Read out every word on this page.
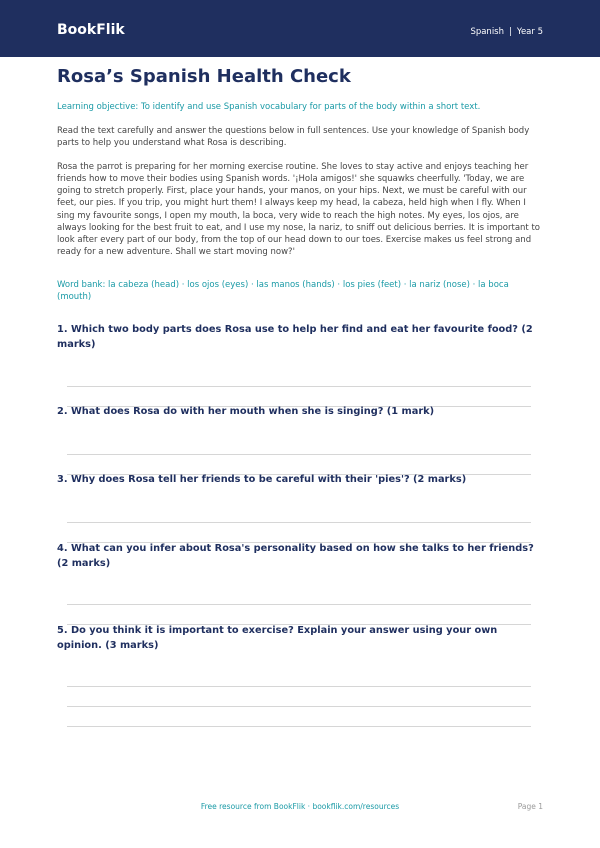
BookFlik	Spanish | Year 5
Rosa’s Spanish Health Check

Learning objective: To identify and use Spanish vocabulary for parts of the body within a short text.

Read the text carefully and answer the questions below in full sentences. Use your knowledge of Spanish body parts to help you understand what Rosa is describing.

Rosa the parrot is preparing for her morning exercise routine. She loves to stay active and enjoys teaching her friends how to move their bodies using Spanish words. '¡Hola amigos!' she squawks cheerfully. 'Today, we are going to stretch properly. First, place your hands, your manos, on your hips. Next, we must be careful with our feet, our pies. If you trip, you might hurt them! I always keep my head, la cabeza, held high when I fly. When I sing my favourite songs, I open my mouth, la boca, very wide to reach the high notes. My eyes, los ojos, are always looking for the best fruit to eat, and I use my nose, la nariz, to sniff out delicious berries. It is important to look after every part of our body, from the top of our head down to our toes. Exercise makes us feel strong and ready for a new adventure. Shall we start moving now?'

Word bank: la cabeza (head) · los ojos (eyes) · las manos (hands) · los pies (feet) · la nariz (nose) · la boca (mouth)

1. Which two body parts does Rosa use to help her find and eat her favourite food? (2 marks)

2. What does Rosa do with her mouth when she is singing? (1 mark)

3. Why does Rosa tell her friends to be careful with their 'pies'? (2 marks)

4. What can you infer about Rosa's personality based on how she talks to her friends? (2 marks)

5. Do you think it is important to exercise? Explain your answer using your own opinion. (3 marks)

Free resource from BookFlik · bookflik.com/resources	Page 1
